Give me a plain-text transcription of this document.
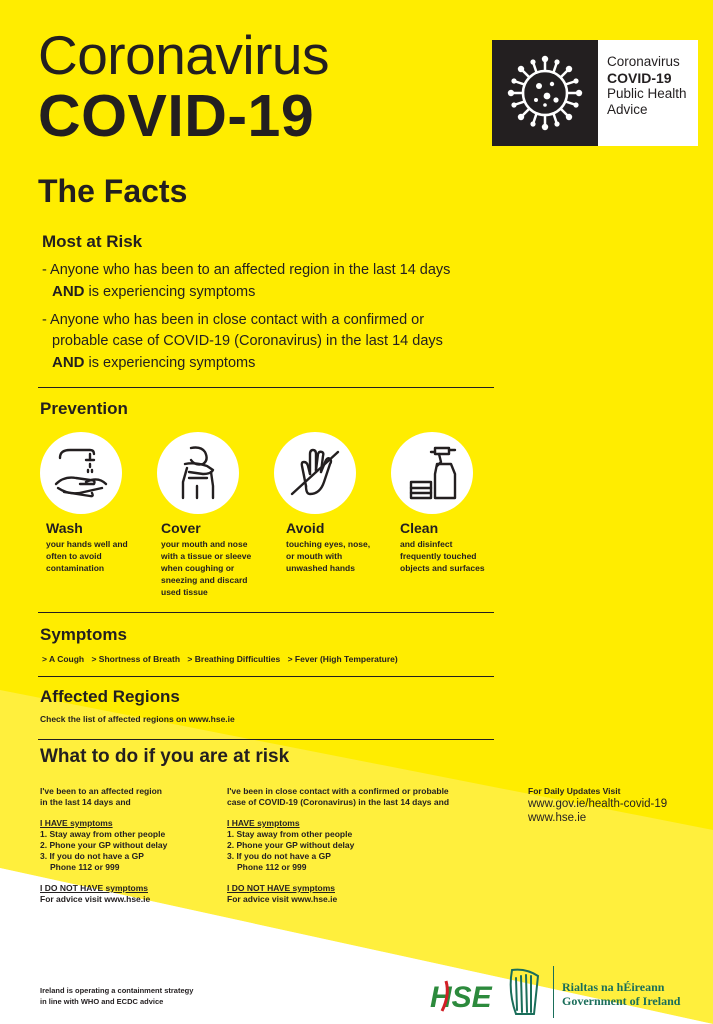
Coronavirus
COVID-19
The Facts
Coronavirus
COVID-19
Public Health
Advice
Most at Risk
- Anyone who has been to an affected region in the last 14 days
AND is experiencing symptoms
- Anyone who has been in close contact with a confirmed or
probable case of COVID-19 (Coronavirus) in the last 14 days
AND is experiencing symptoms
Prevention
Wash
your hands well and
often to avoid
contamination
Cover
your mouth and nose
with a tissue or sleeve
when coughing or
sneezing and discard
used tissue
Avoid
touching eyes, nose,
or mouth with
unwashed hands
Clean
and disinfect
frequently touched
objects and surfaces
Symptoms
> A Cough > Shortness of Breath > Breathing Difficulties > Fever (High Temperature)
Affected Regions
Check the list of affected regions on www.hse.ie
What to do if you are at risk
I've been to an affected region
in the last 14 days and
I HAVE symptoms
1. Stay away from other people
2. Phone your GP without delay
3. If you do not have a GP
Phone 112 or 999
I DO NOT HAVE symptoms
For advice visit www.hse.ie
I've been in close contact with a confirmed or probable
case of COVID-19 (Coronavirus) in the last 14 days and
I HAVE symptoms
1. Stay away from other people
2. Phone your GP without delay
3. If you do not have a GP
Phone 112 or 999
I DO NOT HAVE symptoms
For advice visit www.hse.ie
For Daily Updates Visit
www.gov.ie/health-covid-19
www.hse.ie
Ireland is operating a containment strategy
in line with WHO and ECDC advice	HSE	Rialtas na hÉireann
Government of Ireland
